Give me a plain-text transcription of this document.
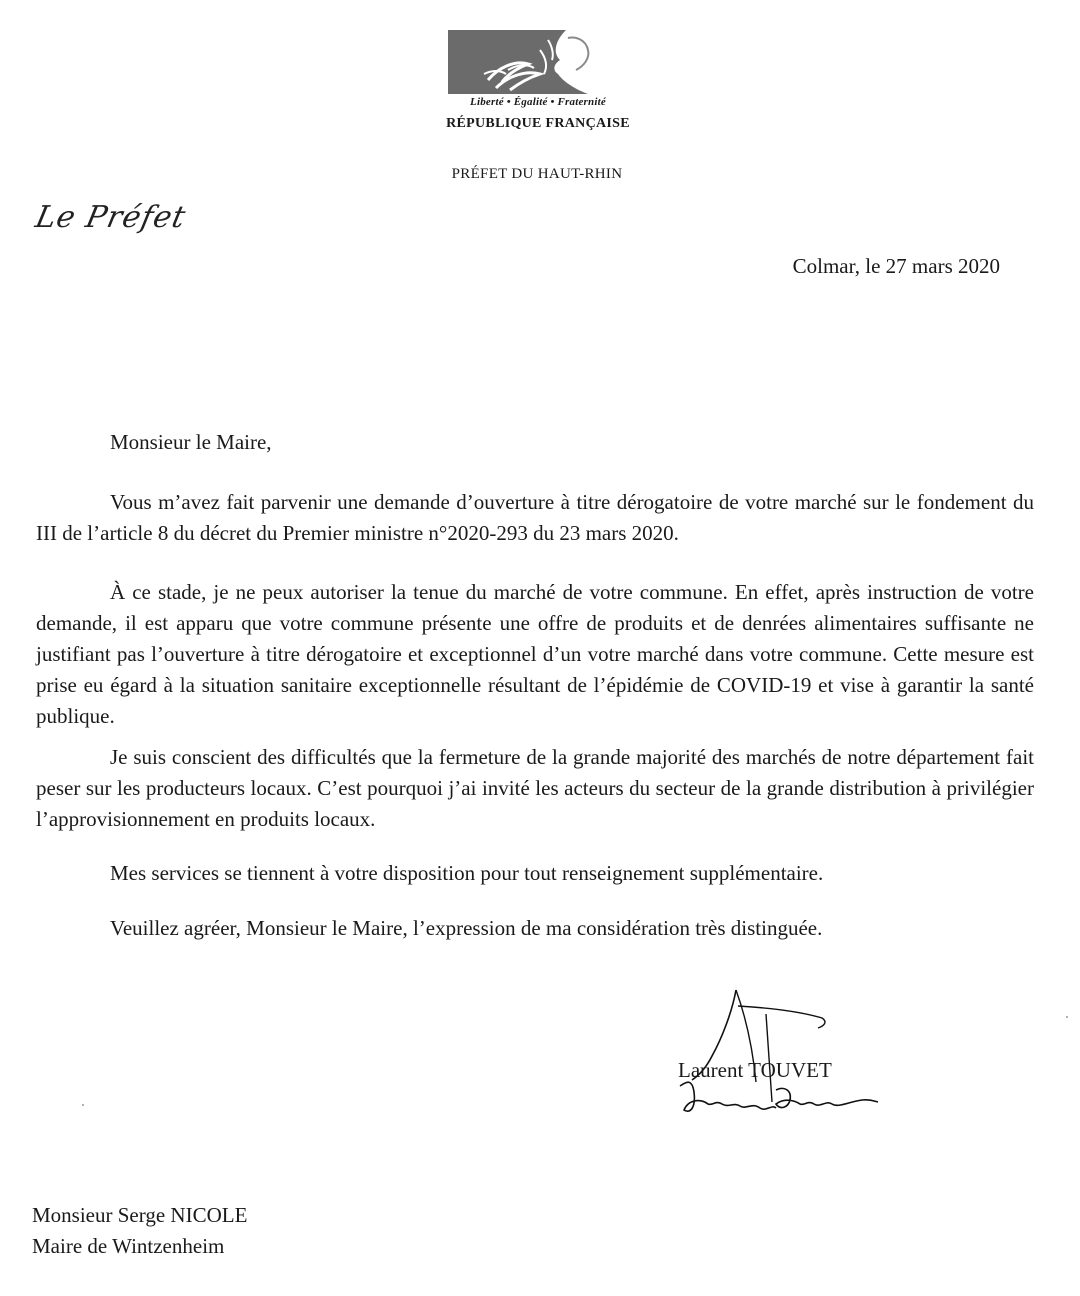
Liberté • Égalité • Fraternité
RÉPUBLIQUE FRANÇAISE
PRÉFET DU HAUT-RHIN
Le Préfet
Colmar, le 27 mars 2020
Monsieur le Maire,

Vous m’avez fait parvenir une demande d’ouverture à titre dérogatoire de votre marché sur le fondement du III de l’article 8 du décret du Premier ministre n°2020-293 du 23 mars 2020.

À ce stade, je ne peux autoriser la tenue du marché de votre commune. En effet, après instruction de votre demande, il est apparu que votre commune présente une offre de produits et de denrées alimentaires suffisante ne justifiant pas l’ouverture à titre dérogatoire et exceptionnel d’un votre marché dans votre commune. Cette mesure est prise eu égard à la situation sanitaire exceptionnelle résultant de l’épidémie de COVID-19 et vise à garantir la santé publique.

Je suis conscient des difficultés que la fermeture de la grande majorité des marchés de notre département fait peser sur les producteurs locaux. C’est pourquoi j’ai invité les acteurs du secteur de la grande distribution à privilégier l’approvisionnement en produits locaux.

Mes services se tiennent à votre disposition pour tout renseignement supplémentaire.

Veuillez agréer, Monsieur le Maire, l’expression de ma considération très distinguée.

Laurent TOUVET
Monsieur Serge NICOLE
Maire de Wintzenheim
